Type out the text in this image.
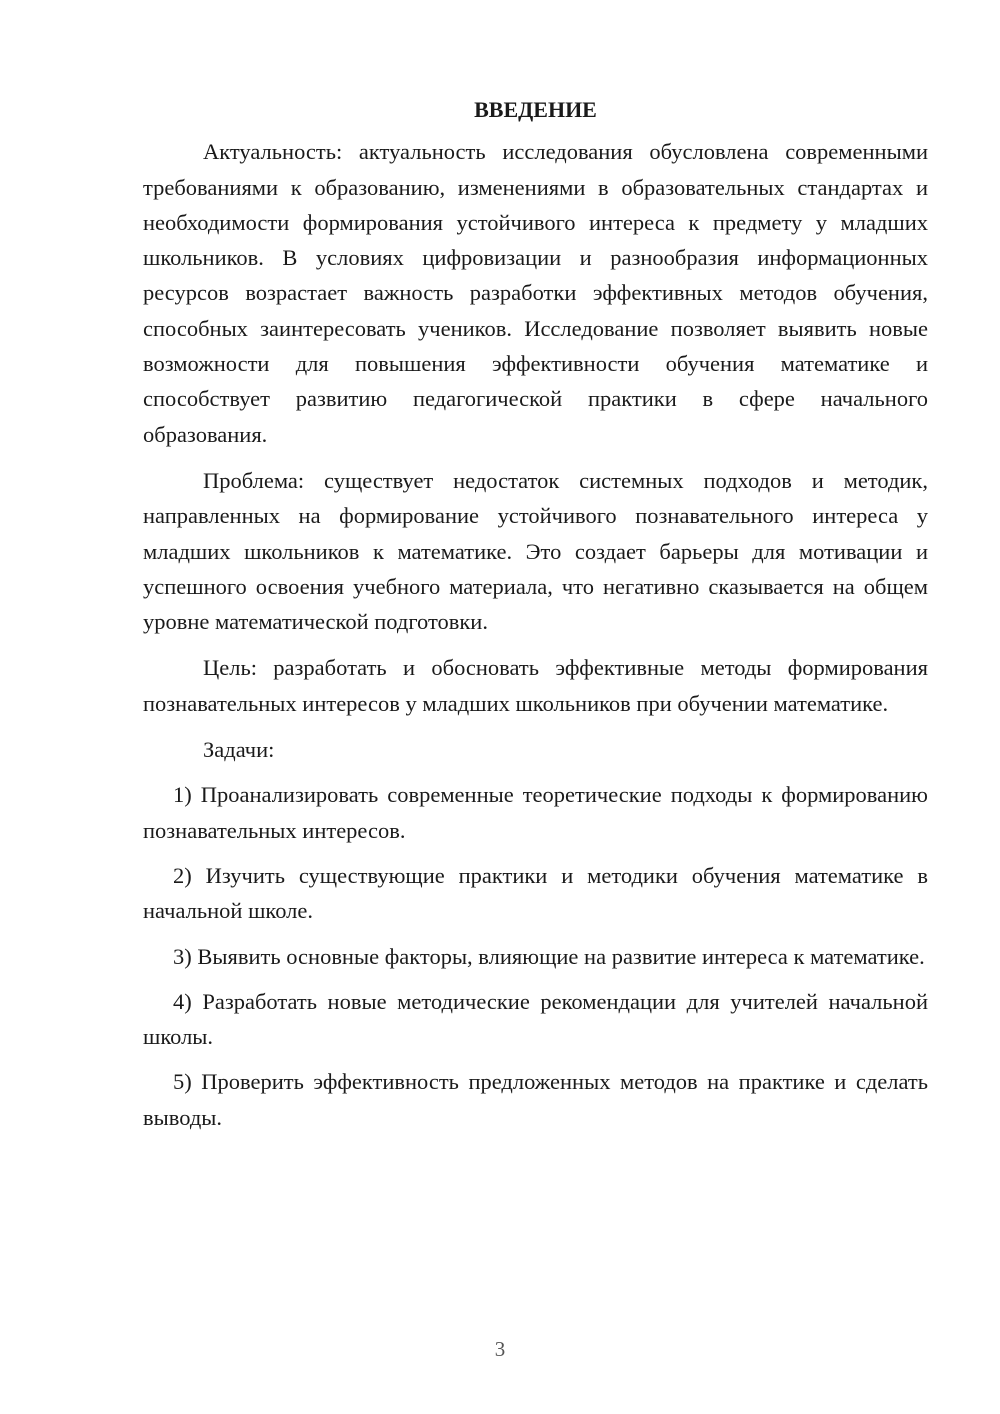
ВВЕДЕНИЕ

Актуальность: актуальность исследования обусловлена современными требованиями к образованию, изменениями в образовательных стандартах и необходимости формирования устойчивого интереса к предмету у младших школьников. В условиях цифровизации и разнообразия информационных ресурсов возрастает важность разработки эффективных методов обучения, способных заинтересовать учеников. Исследование позволяет выявить новые возможности для повышения эффективности обучения математике и способствует развитию педагогической практики в сфере начального образования.

Проблема: существует недостаток системных подходов и методик, направленных на формирование устойчивого познавательного интереса у младших школьников к математике. Это создает барьеры для мотивации и успешного освоения учебного материала, что негативно сказывается на общем уровне математической подготовки.

Цель: разработать и обосновать эффективные методы формирования познавательных интересов у младших школьников при обучении математике.

Задачи:

1) Проанализировать современные теоретические подходы к формированию познавательных интересов.

2) Изучить существующие практики и методики обучения математике в начальной школе.

3) Выявить основные факторы, влияющие на развитие интереса к математике.

4) Разработать новые методические рекомендации для учителей начальной школы.

5) Проверить эффективность предложенных методов на практике и сделать выводы.

3
